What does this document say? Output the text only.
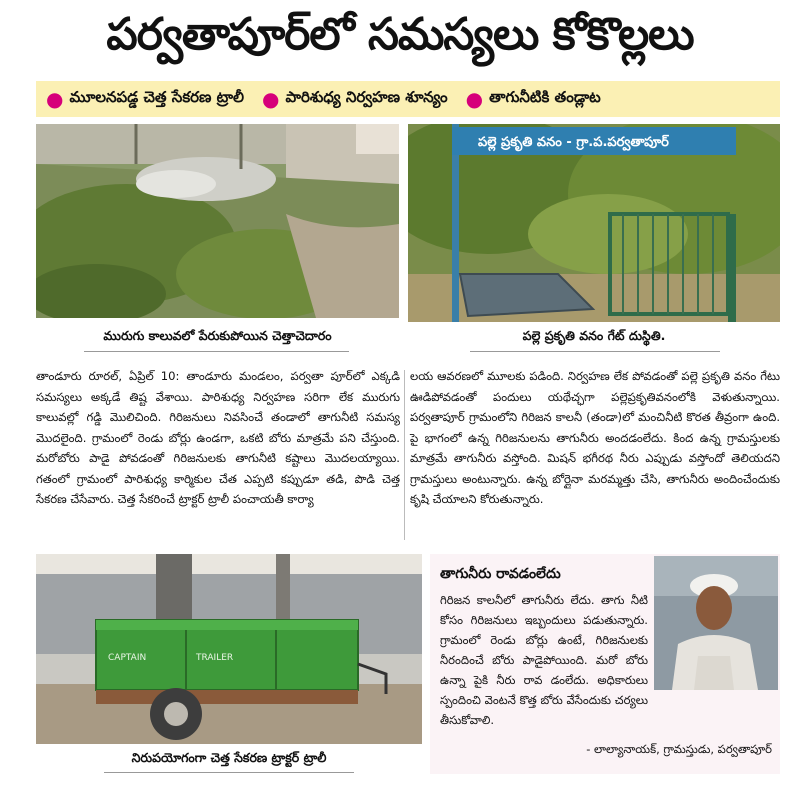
పర్వతాపూర్‌లో సమస్యలు కోకొల్లలు
● మూలనపడ్డ చెత్త సేకరణ ట్రాలీ ● పారిశుధ్య నిర్వహణ శూన్యం ● తాగునీటికి తండ్లాట
మురుగు కాలువలో పేరుకుపోయిన చెత్తాచెదారం
పల్లె ప్రకృతి వనం - గ్రా.ప.పర్వతాపూర్
పల్లె ప్రకృతి వనం గేట్ దుస్థితి.

తాండూరు రూరల్, ఏప్రిల్ 10: తాండూరు మండలం, పర్వతా పూర్‌లో ఎక్కడి సమస్యలు అక్కడే తిష్ట వేశాయి. పారిశుధ్య నిర్వహణ సరిగా లేక మురుగు కాలువల్లో గడ్డి మొలిచింది. గిరిజనులు నివసించే తండాలో తాగునీటి సమస్య మొదలైంది. గ్రామంలో రెండు బోర్లు ఉండగా, ఒకటి బోరు మాత్రమే పని చేస్తుంది. మరోబోరు పాడై పోవడంతో గిరిజనులకు తాగునీటి కష్టాలు మొదలయ్యాయి. గతంలో గ్రామంలో పారిశుధ్య కార్మికుల చేత ఎప్పటి కప్పుడూ తడి, పొడి చెత్త సేకరణ చేసేవారు. చెత్త సేకరించే ట్రాక్టర్ ట్రాలీ పంచాయతీ కార్యా

లయ ఆవరణలో మూలకు పడింది. నిర్వహణ లేక పోవడంతో పల్లె ప్రకృతి వనం గేటు ఊడిపోవడంతో పందులు యథేచ్ఛగా పల్లెప్రకృతివనంలోకి వెళుతున్నాయి. పర్వతాపూర్ గ్రామంలోని గిరిజన కాలనీ (తండా)లో మంచినీటి కొరత తీవ్రంగా ఉంది. పై భాగంలో ఉన్న గిరిజనులను తాగునీరు అందడంలేదు. కింద ఉన్న గ్రామస్తులకు మాత్రమే తాగునీరు వస్తోంది. మిషన్ భగీరథ నీరు ఎప్పుడు వస్తోందో తెలియదని గ్రామస్తులు అంటున్నారు. ఉన్న బోర్లైనా మరమ్మత్తు చేసి, తాగునీరు అందించేందుకు కృషి చేయాలని కోరుతున్నారు.

CAPTAIN	TRAILER
నిరుపయోగంగా చెత్త సేకరణ ట్రాక్టర్ ట్రాలీ
తాగునీరు రావడంలేదు
గిరిజన కాలనీలో తాగునీరు లేదు. తాగు నీటి కోసం గిరిజనులు ఇబ్బందులు పడుతున్నారు. గ్రామంలో రెండు బోర్లు ఉంటే, గిరిజనులకు నీరందించే బోరు పాడైపోయింది. మరో బోరు ఉన్నా పైకి నీరు రావ డంలేదు. అధికారులు స్పందించి వెంటనే కొత్త బోరు వేసేందుకు చర్యలు తీసుకోవాలి.
- లాల్యానాయక్, గ్రామస్తుడు, పర్వతాపూర్
